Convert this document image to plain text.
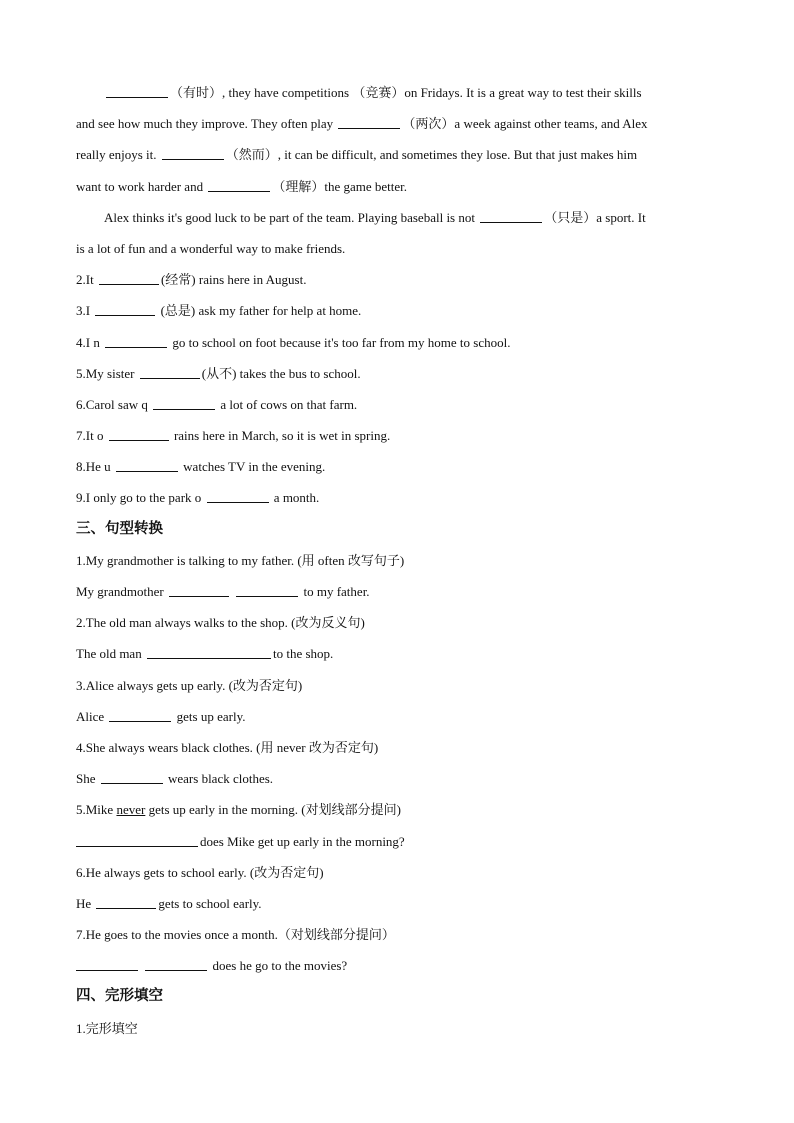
（有时）, they have competitions （竞赛）on Fridays. It is a great way to test their skills
and see how much they improve. They often play	（两次）a week against other teams, and Alex
really enjoys it.	（然而）, it can be difficult, and sometimes they lose. But that just makes him
want to work harder and	（理解）the game better.
Alex thinks it's good luck to be part of the team. Playing baseball is not	（只是）a sport. It
is a lot of fun and a wonderful way to make friends.
2.It	(经常) rains here in August.
3.I	(总是) ask my father for help at home.
4.I n	go to school on foot because it's too far from my home to school.
5.My sister	(从不) takes the bus to school.
6.Carol saw q	a lot of cows on that farm.
7.It o	rains here in March, so it is wet in spring.
8.He u	watches TV in the evening.
9.I only go to the park o	a month.
三、句型转换
1.My grandmother is talking to my father. (用 often 改写句子)
My grandmother	to my father.
2.The old man always walks to the shop. (改为反义句)
The old man	to the shop.
3.Alice always gets up early. (改为否定句)
Alice	gets up early.
4.She always wears black clothes. (用 never 改为否定句)
She	wears black clothes.
5.Mike never gets up early in the morning. (对划线部分提问)
does Mike get up early in the morning?
6.He always gets to school early. (改为否定句)
He	gets to school early.
7.He goes to the movies once a month.（对划线部分提问）
does he go to the movies?
四、完形填空
1.完形填空
